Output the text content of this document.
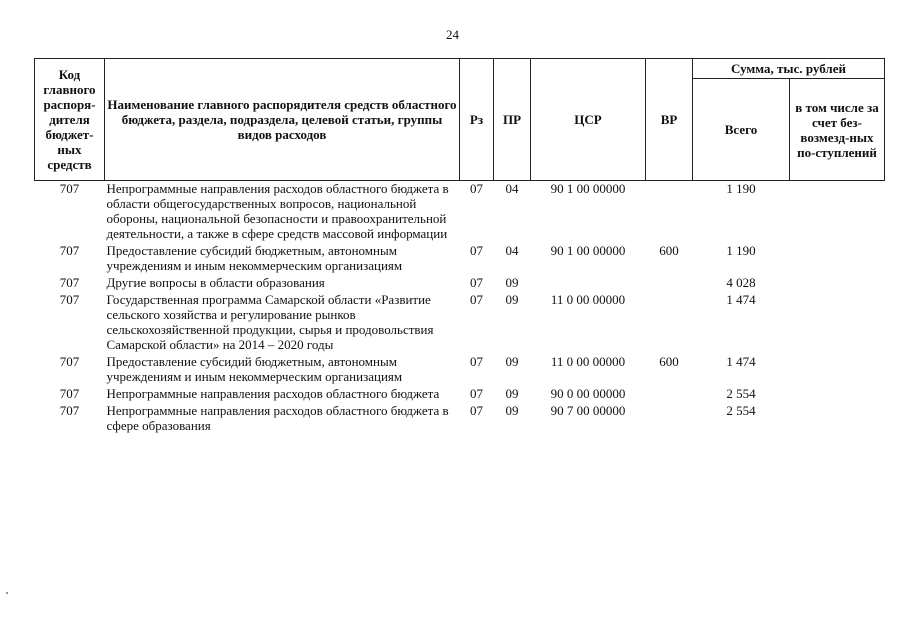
24
Код главного распоря-дителя бюджет-ных средств	Наименование главного распорядителя средств областного бюджета, раздела, подраздела, целевой статьи, группы видов расходов	Рз	ПР	ЦСР	ВР	Сумма, тыс. рублей	
						Всего	в том числе за счет без-возмезд-ных по-ступлений
707	Непрограммные направления расходов областного бюджета в области общегосударственных вопросов, национальной обороны, национальной безопасности и правоохранительной деятельности, а также в сфере средств массовой информации	07	04	90 1 00 00000		1 190	
707	Предоставление субсидий бюджетным, автономным учреждениям и иным некоммерческим организациям	07	04	90 1 00 00000	600	1 190	
707	Другие вопросы в области образования	07	09			4 028	
707	Государственная программа Самарской области «Развитие сельского хозяйства и регулирование рынков сельскохозяйственной продукции, сырья и продовольствия Самарской области» на 2014 – 2020 годы	07	09	11 0 00 00000		1 474	
707	Предоставление субсидий бюджетным, автономным учреждениям и иным некоммерческим организациям	07	09	11 0 00 00000	600	1 474	
707	Непрограммные направления расходов областного бюджета	07	09	90 0 00 00000		2 554	
707	Непрограммные направления расходов областного бюджета в сфере образования	07	09	90 7 00 00000		2 554	
